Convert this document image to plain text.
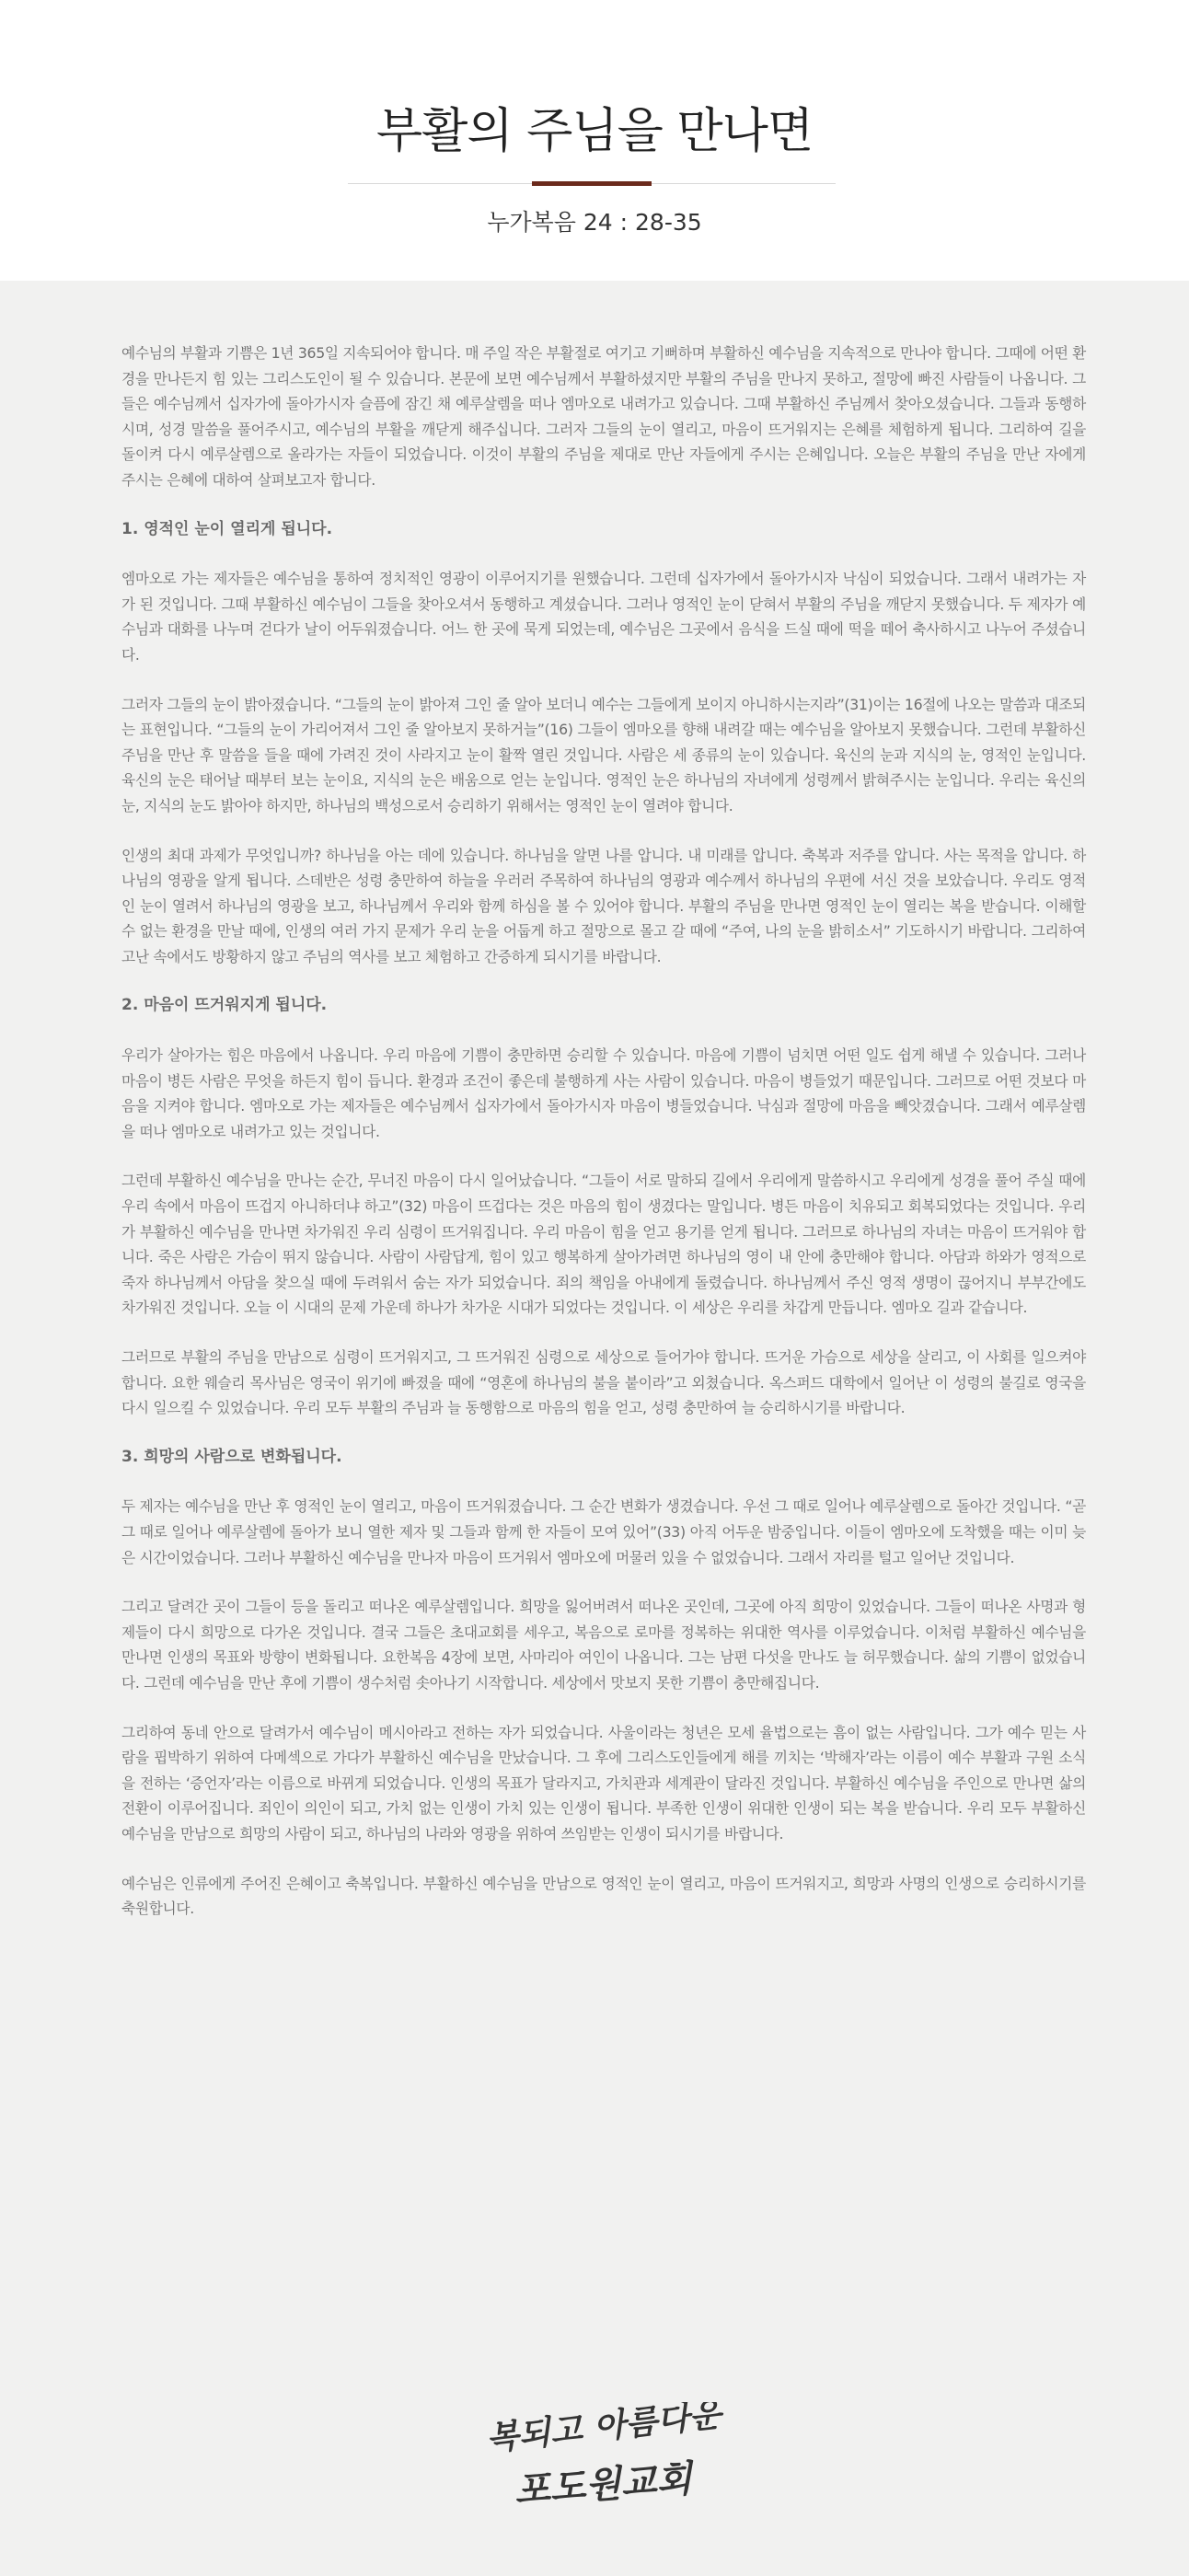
부활의 주님을 만나면

누가복음 24 : 28-35

예수님의 부활과 기쁨은 1년 365일 지속되어야 합니다. 매 주일 작은 부활절로 여기고 기뻐하며 부활하신 예수님을 지속적으로 만나야 합니다. 그때에 어떤 환경을 만나든지 힘 있는 그리스도인이 될 수 있습니다. 본문에 보면 예수님께서 부활하셨지만 부활의 주님을 만나지 못하고, 절망에 빠진 사람들이 나옵니다. 그들은 예수님께서 십자가에 돌아가시자 슬픔에 잠긴 채 예루살렘을 떠나 엠마오로 내려가고 있습니다. 그때 부활하신 주님께서 찾아오셨습니다. 그들과 동행하시며, 성경 말씀을 풀어주시고, 예수님의 부활을 깨닫게 해주십니다. 그러자 그들의 눈이 열리고, 마음이 뜨거워지는 은혜를 체험하게 됩니다. 그리하여 길을 돌이켜 다시 예루살렘으로 올라가는 자들이 되었습니다. 이것이 부활의 주님을 제대로 만난 자들에게 주시는 은혜입니다. 오늘은 부활의 주님을 만난 자에게 주시는 은혜에 대하여 살펴보고자 합니다.

1. 영적인 눈이 열리게 됩니다.

엠마오로 가는 제자들은 예수님을 통하여 정치적인 영광이 이루어지기를 원했습니다. 그런데 십자가에서 돌아가시자 낙심이 되었습니다. 그래서 내려가는 자가 된 것입니다. 그때 부활하신 예수님이 그들을 찾아오셔서 동행하고 계셨습니다. 그러나 영적인 눈이 닫혀서 부활의 주님을 깨닫지 못했습니다. 두 제자가 예수님과 대화를 나누며 걷다가 날이 어두워졌습니다. 어느 한 곳에 묵게 되었는데, 예수님은 그곳에서 음식을 드실 때에 떡을 떼어 축사하시고 나누어 주셨습니다.

그러자 그들의 눈이 밝아졌습니다. “그들의 눈이 밝아져 그인 줄 알아 보더니 예수는 그들에게 보이지 아니하시는지라”(31)이는 16절에 나오는 말씀과 대조되는 표현입니다. “그들의 눈이 가리어져서 그인 줄 알아보지 못하거늘”(16) 그들이 엠마오를 향해 내려갈 때는 예수님을 알아보지 못했습니다. 그런데 부활하신 주님을 만난 후 말씀을 들을 때에 가려진 것이 사라지고 눈이 활짝 열린 것입니다. 사람은 세 종류의 눈이 있습니다. 육신의 눈과 지식의 눈, 영적인 눈입니다. 육신의 눈은 태어날 때부터 보는 눈이요, 지식의 눈은 배움으로 얻는 눈입니다. 영적인 눈은 하나님의 자녀에게 성령께서 밝혀주시는 눈입니다. 우리는 육신의 눈, 지식의 눈도 밝아야 하지만, 하나님의 백성으로서 승리하기 위해서는 영적인 눈이 열려야 합니다.

인생의 최대 과제가 무엇입니까? 하나님을 아는 데에 있습니다. 하나님을 알면 나를 압니다. 내 미래를 압니다. 축복과 저주를 압니다. 사는 목적을 압니다. 하나님의 영광을 알게 됩니다. 스데반은 성령 충만하여 하늘을 우러러 주목하여 하나님의 영광과 예수께서 하나님의 우편에 서신 것을 보았습니다. 우리도 영적인 눈이 열려서 하나님의 영광을 보고, 하나님께서 우리와 함께 하심을 볼 수 있어야 합니다. 부활의 주님을 만나면 영적인 눈이 열리는 복을 받습니다. 이해할 수 없는 환경을 만날 때에, 인생의 여러 가지 문제가 우리 눈을 어둡게 하고 절망으로 몰고 갈 때에 “주여, 나의 눈을 밝히소서” 기도하시기 바랍니다. 그리하여 고난 속에서도 방황하지 않고 주님의 역사를 보고 체험하고 간증하게 되시기를 바랍니다.

2. 마음이 뜨거워지게 됩니다.

우리가 살아가는 힘은 마음에서 나옵니다. 우리 마음에 기쁨이 충만하면 승리할 수 있습니다. 마음에 기쁨이 넘치면 어떤 일도 쉽게 해낼 수 있습니다. 그러나 마음이 병든 사람은 무엇을 하든지 힘이 듭니다. 환경과 조건이 좋은데 불행하게 사는 사람이 있습니다. 마음이 병들었기 때문입니다. 그러므로 어떤 것보다 마음을 지켜야 합니다. 엠마오로 가는 제자들은 예수님께서 십자가에서 돌아가시자 마음이 병들었습니다. 낙심과 절망에 마음을 빼앗겼습니다. 그래서 예루살렘을 떠나 엠마오로 내려가고 있는 것입니다.

그런데 부활하신 예수님을 만나는 순간, 무너진 마음이 다시 일어났습니다. “그들이 서로 말하되 길에서 우리에게 말씀하시고 우리에게 성경을 풀어 주실 때에 우리 속에서 마음이 뜨겁지 아니하더냐 하고”(32) 마음이 뜨겁다는 것은 마음의 힘이 생겼다는 말입니다. 병든 마음이 치유되고 회복되었다는 것입니다. 우리가 부활하신 예수님을 만나면 차가워진 우리 심령이 뜨거워집니다. 우리 마음이 힘을 얻고 용기를 얻게 됩니다. 그러므로 하나님의 자녀는 마음이 뜨거워야 합니다. 죽은 사람은 가슴이 뛰지 않습니다. 사람이 사람답게, 힘이 있고 행복하게 살아가려면 하나님의 영이 내 안에 충만해야 합니다. 아담과 하와가 영적으로 죽자 하나님께서 아담을 찾으실 때에 두려워서 숨는 자가 되었습니다. 죄의 책임을 아내에게 돌렸습니다. 하나님께서 주신 영적 생명이 끊어지니 부부간에도 차가워진 것입니다. 오늘 이 시대의 문제 가운데 하나가 차가운 시대가 되었다는 것입니다. 이 세상은 우리를 차갑게 만듭니다. 엠마오 길과 같습니다.

그러므로 부활의 주님을 만남으로 심령이 뜨거워지고, 그 뜨거워진 심령으로 세상으로 들어가야 합니다. 뜨거운 가슴으로 세상을 살리고, 이 사회를 일으켜야 합니다. 요한 웨슬리 목사님은 영국이 위기에 빠졌을 때에 “영혼에 하나님의 불을 붙이라”고 외쳤습니다. 옥스퍼드 대학에서 일어난 이 성령의 불길로 영국을 다시 일으킬 수 있었습니다. 우리 모두 부활의 주님과 늘 동행함으로 마음의 힘을 얻고, 성령 충만하여 늘 승리하시기를 바랍니다.

3. 희망의 사람으로 변화됩니다.

두 제자는 예수님을 만난 후 영적인 눈이 열리고, 마음이 뜨거워졌습니다. 그 순간 변화가 생겼습니다. 우선 그 때로 일어나 예루살렘으로 돌아간 것입니다. “곧 그 때로 일어나 예루살렘에 돌아가 보니 열한 제자 및 그들과 함께 한 자들이 모여 있어”(33) 아직 어두운 밤중입니다. 이들이 엠마오에 도착했을 때는 이미 늦은 시간이었습니다. 그러나 부활하신 예수님을 만나자 마음이 뜨거워서 엠마오에 머물러 있을 수 없었습니다. 그래서 자리를 털고 일어난 것입니다.

그리고 달려간 곳이 그들이 등을 돌리고 떠나온 예루살렘입니다. 희망을 잃어버려서 떠나온 곳인데, 그곳에 아직 희망이 있었습니다. 그들이 떠나온 사명과 형제들이 다시 희망으로 다가온 것입니다. 결국 그들은 초대교회를 세우고, 복음으로 로마를 정복하는 위대한 역사를 이루었습니다. 이처럼 부활하신 예수님을 만나면 인생의 목표와 방향이 변화됩니다. 요한복음 4장에 보면, 사마리아 여인이 나옵니다. 그는 남편 다섯을 만나도 늘 허무했습니다. 삶의 기쁨이 없었습니다. 그런데 예수님을 만난 후에 기쁨이 생수처럼 솟아나기 시작합니다. 세상에서 맛보지 못한 기쁨이 충만해집니다.

그리하여 동네 안으로 달려가서 예수님이 메시아라고 전하는 자가 되었습니다. 사울이라는 청년은 모세 율법으로는 흠이 없는 사람입니다. 그가 예수 믿는 사람을 핍박하기 위하여 다메섹으로 가다가 부활하신 예수님을 만났습니다. 그 후에 그리스도인들에게 해를 끼치는 ‘박해자’라는 이름이 예수 부활과 구원 소식을 전하는 ‘증언자’라는 이름으로 바뀌게 되었습니다. 인생의 목표가 달라지고, 가치관과 세계관이 달라진 것입니다. 부활하신 예수님을 주인으로 만나면 삶의 전환이 이루어집니다. 죄인이 의인이 되고, 가치 없는 인생이 가치 있는 인생이 됩니다. 부족한 인생이 위대한 인생이 되는 복을 받습니다. 우리 모두 부활하신 예수님을 만남으로 희망의 사람이 되고, 하나님의 나라와 영광을 위하여 쓰임받는 인생이 되시기를 바랍니다.

예수님은 인류에게 주어진 은혜이고 축복입니다. 부활하신 예수님을 만남으로 영적인 눈이 열리고, 마음이 뜨거워지고, 희망과 사명의 인생으로 승리하시기를 축원합니다.

복되고 아름다운
포도원교회
